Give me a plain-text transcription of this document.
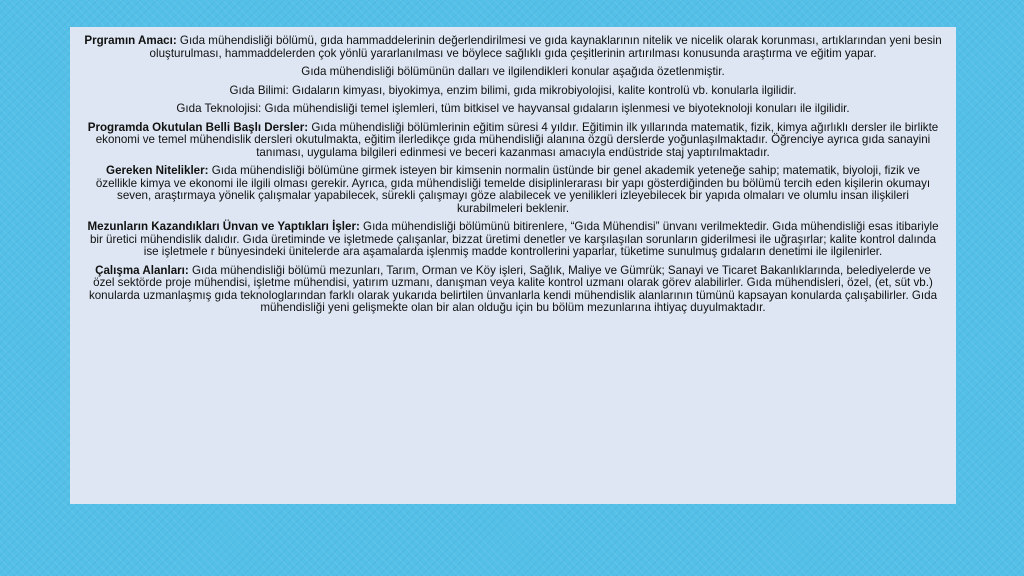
Prgramın Amacı: Gıda mühendisliği bölümü, gıda hammaddelerinin değerlendirilmesi ve gıda kaynaklarının nitelik ve nicelik olarak korunması, artıklarından yeni besin oluşturulması, hammaddelerden çok yönlü yararlanılması ve böylece sağlıklı gıda çeşitlerinin artırılması konusunda araştırma ve eğitim yapar.

Gıda mühendisliği bölümünün dalları ve ilgilendikleri konular aşağıda özetlenmiştir.

Gıda Bilimi: Gıdaların kimyası, biyokimya, enzim bilimi, gıda mikrobiyolojisi, kalite kontrolü vb. konularla ilgilidir.

Gıda Teknolojisi: Gıda mühendisliği temel işlemleri, tüm bitkisel ve hayvansal gıdaların işlenmesi ve biyoteknoloji konuları ile ilgilidir.

Programda Okutulan Belli Başlı Dersler: Gıda mühendisliği bölümlerinin eğitim süresi 4 yıldır. Eğitimin ilk yıllarında matematik, fizik, kimya ağırlıklı dersler ile birlikte ekonomi ve temel mühendislik dersleri okutulmakta, eğitim ilerledikçe gıda mühendisliği alanına özgü derslerde yoğunlaşılmaktadır. Öğrenciye ayrıca gıda sanayini tanıması, uygulama bilgileri edinmesi ve beceri kazanması amacıyla endüstride staj yaptırılmaktadır.

Gereken Nitelikler: Gıda mühendisliği bölümüne girmek isteyen bir kimsenin normalin üstünde bir genel akademik yeteneğe sahip; matematik, biyoloji, fizik ve özellikle kimya ve ekonomi ile ilgili olması gerekir. Ayrıca, gıda mühendisliği temelde disiplinlerarası bir yapı gösterdiğinden bu bölümü tercih eden kişilerin okumayı seven, araştırmaya yönelik çalışmalar yapabilecek, sürekli çalışmayı göze alabilecek ve yenilikleri izleyebilecek bir yapıda olmaları ve olumlu insan ilişkileri kurabilmeleri beklenir.

Mezunların Kazandıkları Ünvan ve Yaptıkları İşler: Gıda mühendisliği bölümünü bitirenlere, “Gıda Mühendisi” ünvanı verilmektedir. Gıda mühendisliği esas itibariyle bir üretici mühendislik dalıdır. Gıda üretiminde ve işletmede çalışanlar, bizzat üretimi denetler ve karşılaşılan sorunların giderilmesi ile uğraşırlar; kalite kontrol dalında ise işletmele r bünyesindeki ünitelerde ara aşamalarda işlenmiş madde kontrollerini yaparlar, tüketime sunulmuş gıdaların denetimi ile ilgilenirler.

Çalışma Alanları: Gıda mühendisliği bölümü mezunları, Tarım, Orman ve Köy işleri, Sağlık, Maliye ve Gümrük; Sanayi ve Ticaret Bakanlıklarında, belediyelerde ve özel sektörde proje mühendisi, işletme mühendisi, yatırım uzmanı, danışman veya kalite kontrol uzmanı olarak görev alabilirler. Gıda mühendisleri, özel, (et, süt vb.) konularda uzmanlaşmış gıda teknologlarından farklı olarak yukarıda belirtilen ünvanlarla kendi mühendislik alanlarının tümünü kapsayan konularda çalışabilirler. Gıda mühendisliği yeni gelişmekte olan bir alan olduğu için bu bölüm mezunlarına ihtiyaç duyulmaktadır.
